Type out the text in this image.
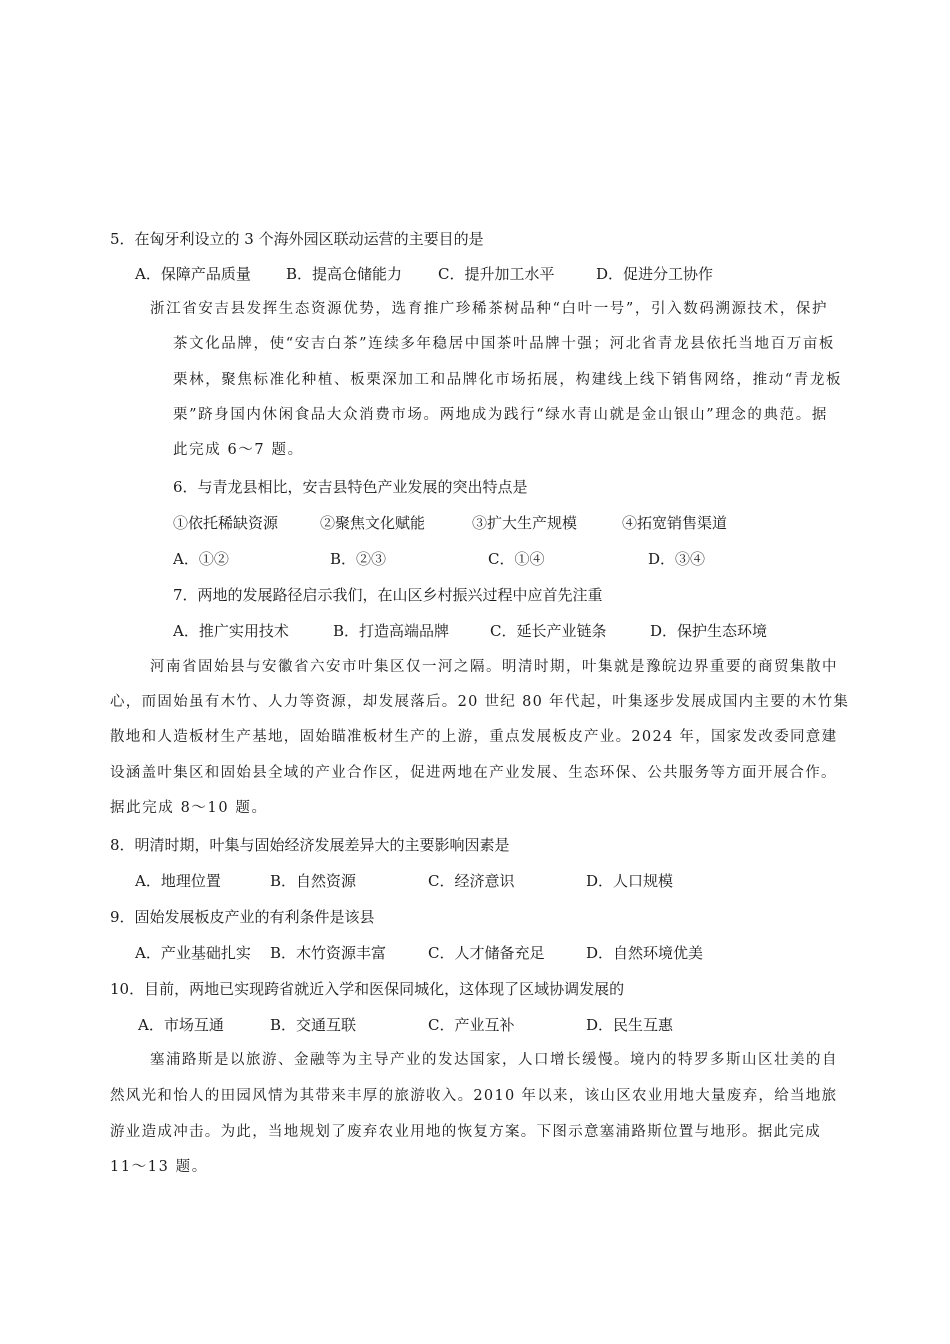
5．在匈牙利设立的 3 个海外园区联动运营的主要目的是
A．保障产品质量 B．提高仓储能力 C．提升加工水平	D．促进分工协作
浙江省安吉县发挥生态资源优势，选育推广珍稀茶树品种“白叶一号”，引入数码溯源技术，保护
茶文化品牌，使“安吉白茶”连续多年稳居中国茶叶品牌十强；河北省青龙县依托当地百万亩板
栗林，聚焦标准化种植、板栗深加工和品牌化市场拓展，构建线上线下销售网络，推动“青龙板
栗”跻身国内休闲食品大众消费市场。两地成为践行“绿水青山就是金山银山”理念的典范。据
此完成 6～7 题。
6．与青龙县相比，安吉县特色产业发展的突出特点是
①依托稀缺资源	②聚焦文化赋能	③扩大生产规模	④拓宽销售渠道
A．①②	B．②③	C．①④	D．③④
7．两地的发展路径启示我们，在山区乡村振兴过程中应首先注重
A．推广实用技术	B．打造高端品牌	C．延长产业链条	D．保护生态环境
河南省固始县与安徽省六安市叶集区仅一河之隔。明清时期，叶集就是豫皖边界重要的商贸集散中
心，而固始虽有木竹、人力等资源，却发展落后。20 世纪 80 年代起，叶集逐步发展成国内主要的木竹集
散地和人造板材生产基地，固始瞄准板材生产的上游，重点发展板皮产业。2024 年，国家发改委同意建
设涵盖叶集区和固始县全域的产业合作区，促进两地在产业发展、生态环保、公共服务等方面开展合作。
据此完成 8～10 题。
8．明清时期，叶集与固始经济发展差异大的主要影响因素是
A．地理位置	B．自然资源	C．经济意识	D．人口规模
9．固始发展板皮产业的有利条件是该县
A．产业基础扎实 B．木竹资源丰富	C．人才储备充足	D．自然环境优美
10．目前，两地已实现跨省就近入学和医保同城化，这体现了区域协调发展的
A．市场互通	B．交通互联	C．产业互补	D．民生互惠
塞浦路斯是以旅游、金融等为主导产业的发达国家，人口增长缓慢。境内的特罗多斯山区壮美的自
然风光和怡人的田园风情为其带来丰厚的旅游收入。2010 年以来，该山区农业用地大量废弃，给当地旅
游业造成冲击。为此，当地规划了废弃农业用地的恢复方案。下图示意塞浦路斯位置与地形。据此完成
11～13 题。
